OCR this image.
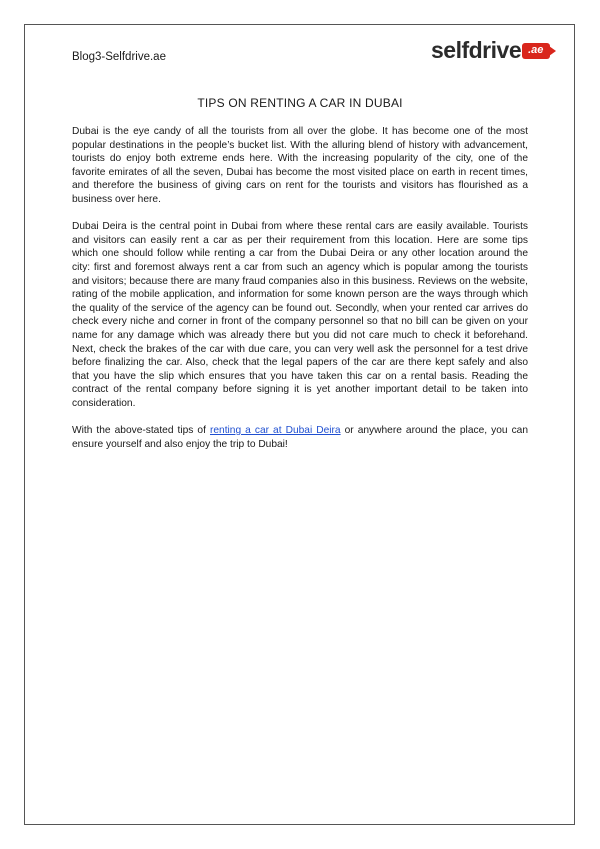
Blog3-Selfdrive.ae	selfdrive .ae
TIPS ON RENTING A CAR IN DUBAI

Dubai is the eye candy of all the tourists from all over the globe. It has become one of the most popular destinations in the people’s bucket list. With the alluring blend of history with advancement, tourists do enjoy both extreme ends here. With the increasing popularity of the city, one of the favorite emirates of all the seven, Dubai has become the most visited place on earth in recent times, and therefore the business of giving cars on rent for the tourists and visitors has flourished as a business over here.

Dubai Deira is the central point in Dubai from where these rental cars are easily available. Tourists and visitors can easily rent a car as per their requirement from this location. Here are some tips which one should follow while renting a car from the Dubai Deira or any other location around the city: first and foremost always rent a car from such an agency which is popular among the tourists and visitors; because there are many fraud companies also in this business. Reviews on the website, rating of the mobile application, and information for some known person are the ways through which the quality of the service of the agency can be found out. Secondly, when your rented car arrives do check every niche and corner in front of the company personnel so that no bill can be given on your name for any damage which was already there but you did not care much to check it beforehand. Next, check the brakes of the car with due care, you can very well ask the personnel for a test drive before finalizing the car. Also, check that the legal papers of the car are there kept safely and also that you have the slip which ensures that you have taken this car on a rental basis. Reading the contract of the rental company before signing it is yet another important detail to be taken into consideration.

With the above-stated tips of renting a car at Dubai Deira or anywhere around the place, you can ensure yourself and also enjoy the trip to Dubai!
